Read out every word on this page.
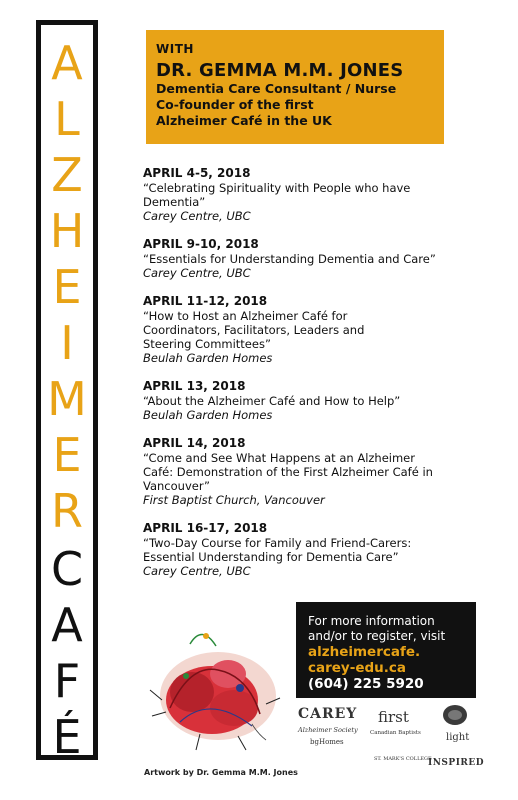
A
L
Z
H
E
I
M
E
R
C
A
F
É
WITH
DR. GEMMA M.M. JONES
Dementia Care Consultant / Nurse
Co-founder of the first
Alzheimer Café in the UK
APRIL 4-5, 2018
“Celebrating Spirituality with People who have
Dementia”
Carey Centre, UBC
APRIL 9-10, 2018
“Essentials for Understanding Dementia and Care”
Carey Centre, UBC
APRIL 11-12, 2018
“How to Host an Alzheimer Café for
Coordinators, Facilitators, Leaders and
Steering Committees”
Beulah Garden Homes
APRIL 13, 2018
“About the Alzheimer Café and How to Help”
Beulah Garden Homes
APRIL 14, 2018
“Come and See What Happens at an Alzheimer
Café: Demonstration of the First Alzheimer Café in
Vancouver”
First Baptist Church, Vancouver
APRIL 16-17, 2018
“Two-Day Course for Family and Friend-Carers:
Essential Understanding for Dementia Care”
Carey Centre, UBC
Artwork by Dr. Gemma M.M. Jones
For more information
and/or to register, visit
alzheimercafe.
carey-edu.ca
(604) 225 5920
CAREY
Alzheimer Society
bgHomes
first
Canadian Baptists
ST. MARK'S COLLEGE
light
INSPIRED
